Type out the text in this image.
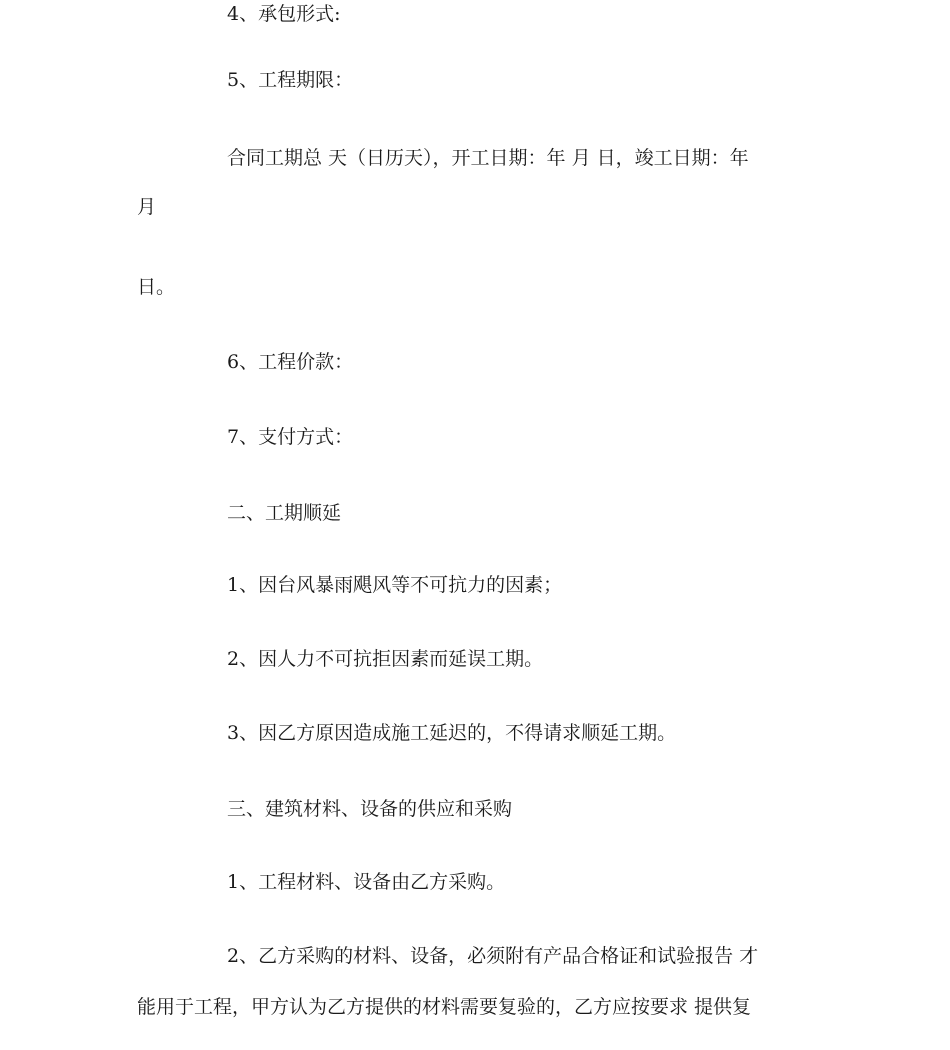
4、承包形式:

5、工程期限：

合同工期总 天（日历天），开工日期：年 月 日，竣工日期：年

月

日。

6、工程价款：

7、支付方式：

二、工期顺延

1、因台风暴雨飓风等不可抗力的因素；

2、因人力不可抗拒因素而延误工期。

3、因乙方原因造成施工延迟的，不得请求顺延工期。

三、建筑材料、设备的供应和采购

1、工程材料、设备由乙方采购。

2、乙方采购的材料、设备，必须附有产品合格证和试验报告 才

能用于工程，甲方认为乙方提供的材料需要复验的，乙方应按要求 提供复
